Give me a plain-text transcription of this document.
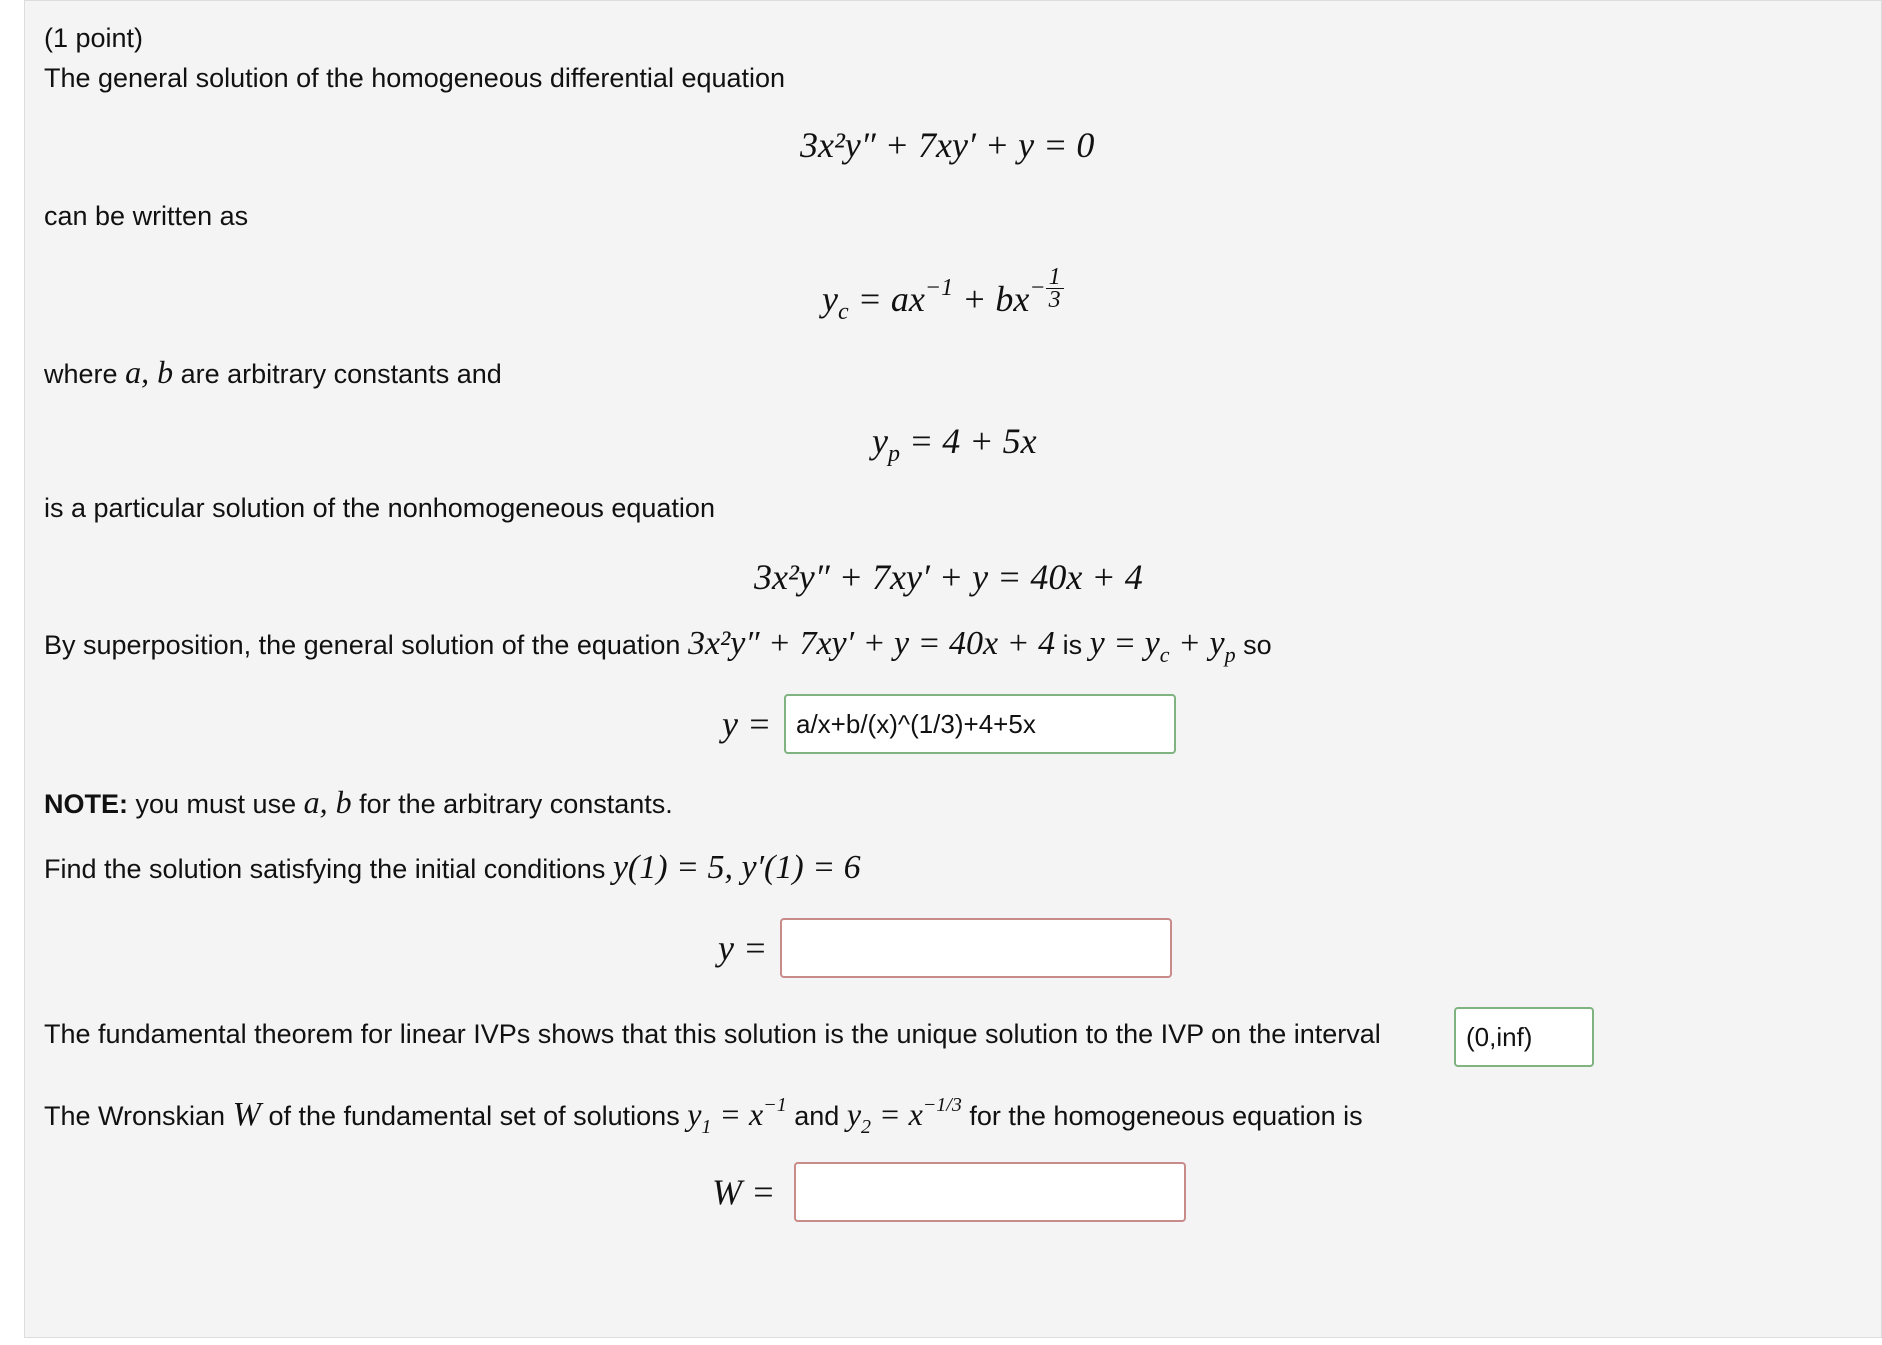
(1 point)
The general solution of the homogeneous differential equation
3x²y″ + 7xy′ + y = 0
can be written as
$y_c = ax^{-1} + bx^- \frac{1}{3}$
where a, b are arbitrary constants and
$y_p = 4 + 5x$
is a particular solution of the nonhomogeneous equation
3x²y″ + 7xy′ + y = 40x + 4
By superposition, the general solution of the equation 3x²y″ + 7xy′ + y = 40x + 4 is $y = y_c + y_p$ so
y = a/x+b/(x)^(1/3)+4+5x
NOTE: you must use a, b for the arbitrary constants.
Find the solution satisfying the initial conditions y(1) = 5, y′(1) = 6
y =
The fundamental theorem for linear IVPs shows that this solution is the unique solution to the IVP on the interval	(0,inf)
The Wronskian W of the fundamental set of solutions $y_1 = x^{-1}$ and $y_2 = x^{-1/3}$ for the homogeneous equation is
W =
